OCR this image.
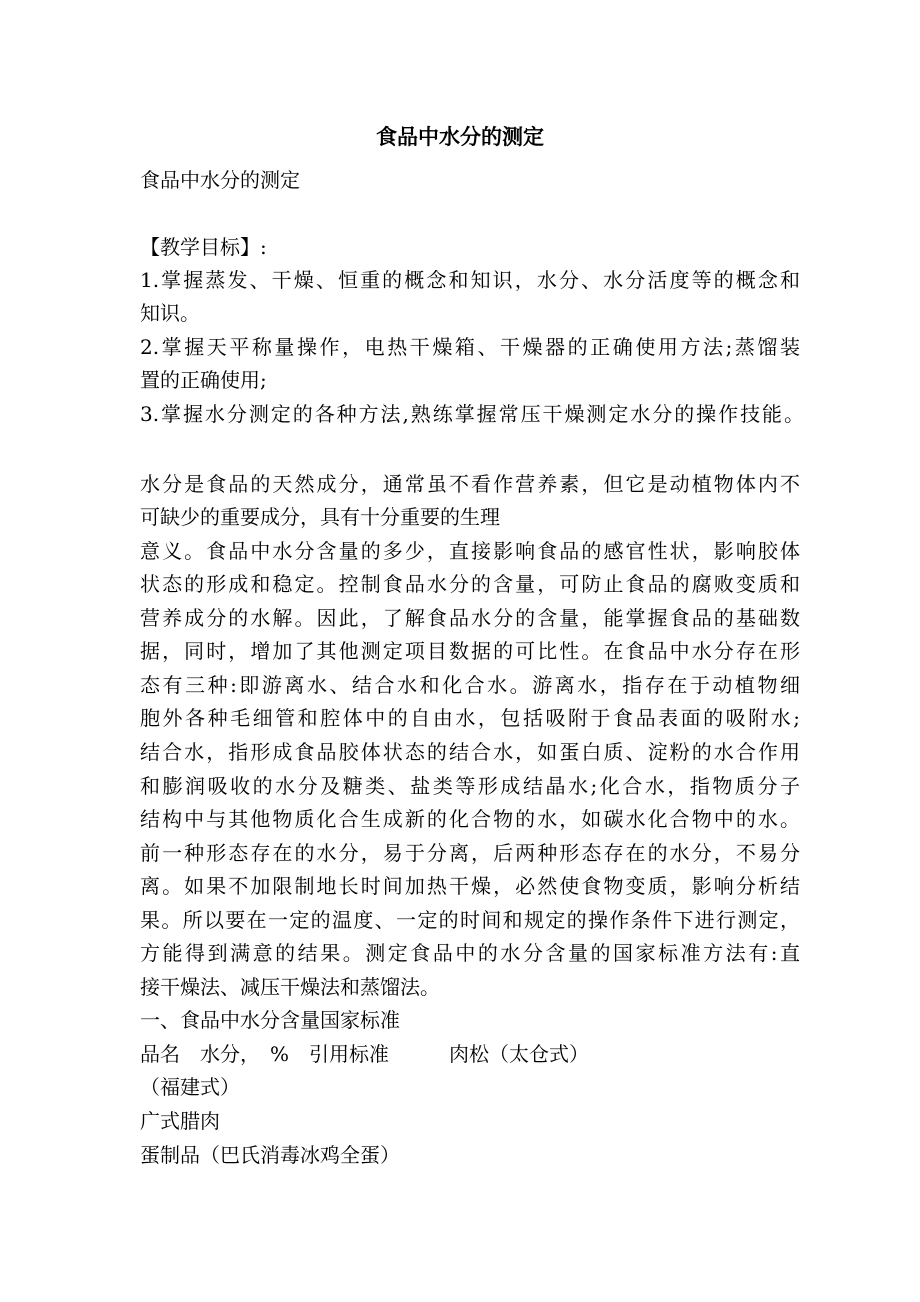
食品中水分的测定

食品中水分的测定

【教学目标】:

1.掌握蒸发、干燥、恒重的概念和知识，水分、水分活度等的概念和

知识。

2.掌握天平称量操作，电热干燥箱、干燥器的正确使用方法;蒸馏装

置的正确使用;

3.掌握水分测定的各种方法,熟练掌握常压干燥测定水分的操作技能。

水分是食品的天然成分，通常虽不看作营养素，但它是动植物体内不

可缺少的重要成分，具有十分重要的生理

意义。食品中水分含量的多少，直接影响食品的感官性状，影响胶体

状态的形成和稳定。控制食品水分的含量，可防止食品的腐败变质和

营养成分的水解。因此，了解食品水分的含量，能掌握食品的基础数

据，同时，增加了其他测定项目数据的可比性。在食品中水分存在形

态有三种:即游离水、结合水和化合水。游离水，指存在于动植物细

胞外各种毛细管和腔体中的自由水，包括吸附于食品表面的吸附水;

结合水，指形成食品胶体状态的结合水，如蛋白质、淀粉的水合作用

和膨润吸收的水分及糖类、盐类等形成结晶水;化合水，指物质分子

结构中与其他物质化合生成新的化合物的水，如碳水化合物中的水。

前一种形态存在的水分，易于分离，后两种形态存在的水分，不易分

离。如果不加限制地长时间加热干燥，必然使食物变质，影响分析结

果。所以要在一定的温度、一定的时间和规定的操作条件下进行测定，

方能得到满意的结果。测定食品中的水分含量的国家标准方法有:直

接干燥法、减压干燥法和蒸馏法。

一、食品中水分含量国家标准

品名　水分，　%　引用标准　　　肉松（太仓式）

（福建式）

广式腊肉

蛋制品（巴氏消毒冰鸡全蛋）
